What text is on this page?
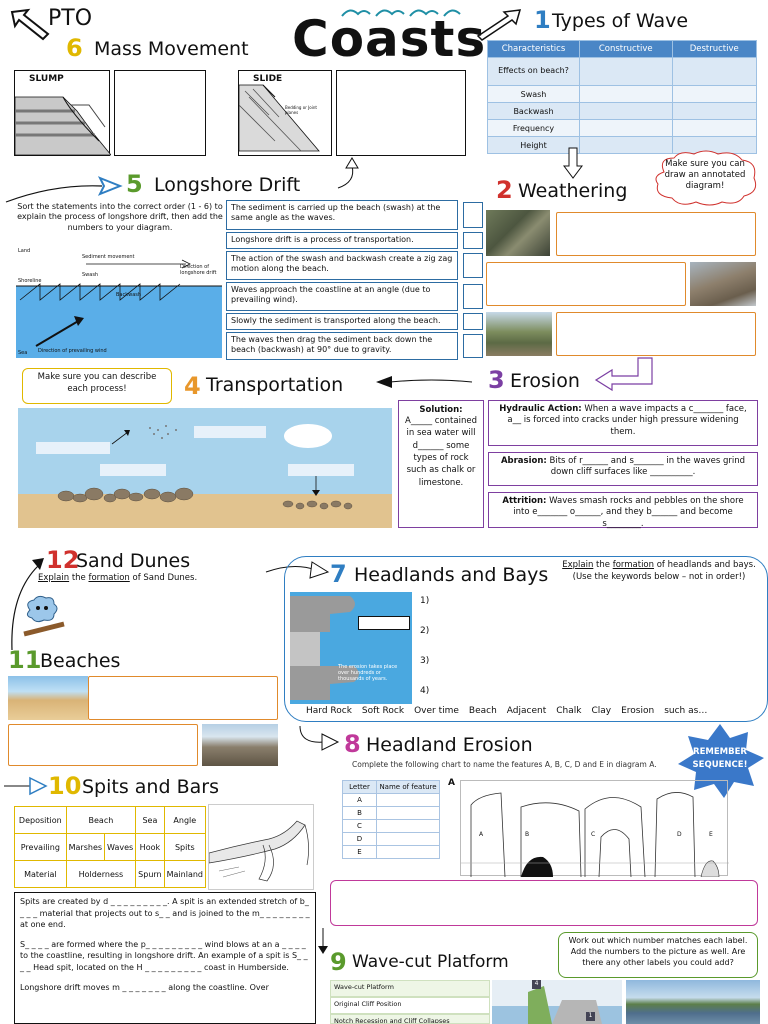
PTO
6 Mass Movement
SLUMP	SLIDE
Bedding or Joint planes
Coasts 1 Types of Wave
Characteristics	Constructive	Destructive
Effects on beach?		
Swash		
Backwash		
Frequency		
Height		
Make sure you can draw an annotated diagram!
5 Longshore Drift
Sort the statements into the correct order (1 - 6) to explain the process of longshore drift, then add the numbers to your diagram.
Land
Sediment movement
Direction of longshore drift
Shoreline
Swash
Backwash
Direction of prevailing wind
Sea
The sediment is carried up the beach (swash) at the same angle as the waves.
Longshore drift is a process of transportation.
The action of the swash and backwash create a zig zag motion along the beach.
Waves approach the coastline at an angle (due to prevailing wind).
Slowly the sediment is transported along the beach.
The waves then drag the sediment back down the beach (backwash) at 90° due to gravity.
2 Weathering
Make sure you can describe each process!	4 Transportation	3 Erosion
Solution:
A_____ contained in sea water will d______ some types of rock such as chalk or limestone.
Hydraulic Action: When a wave impacts a c_______ face, a__ is forced into cracks under high pressure widening them.
Abrasion: Bits of r______ and s_______ in the waves grind down cliff surfaces like __________.
Attrition: Waves smash rocks and pebbles on the shore into e_______ o______, and they b______ and become s________.
12
Sand Dunes
Explain the formation of Sand Dunes.
11
Beaches
7 Headlands and Bays	Explain the formation of headlands and bays. (Use the keywords below – not in order!)
The erosion takes place over hundreds or thousands of years.
1)
2)
3)
4)
Hard Rock Soft Rock Over time Beach Adjacent Chalk Clay Erosion such as…
8 Headland Erosion	REMEMBER SEQUENCE!
Complete the following chart to name the features A, B, C, D and E in diagram A.
Letter	Name of feature
A	
B	
C	
D	
E	
A
A	B	C	D	E
10 Spits and Bars
Deposition	Beach		Sea	Angle
Prevailing	Marshes	Waves	Hook	Spits
Material	Holderness		Spurn	Mainland
Spits are created by d _ _ _ _ _ _ _ _ _. A spit is an extended stretch of b_ _ _ _ material that projects out to s_ _ and is joined to the m_ _ _ _ _ _ _ _ at one end.
S_ _ _ _ are formed where the p_ _ _ _ _ _ _ _ _ wind blows at an a _ _ _ _ to the coastline, resulting in longshore drift. An example of a spit is S_ _ _ _ Head spit, located on the H _ _ _ _ _ _ _ _ _ coast in Humberside.
Longshore drift moves m _ _ _ _ _ _ _ along the coastline. Over
9 Wave-cut Platform
Work out which number matches each label. Add the numbers to the picture as well. Are there any other labels you could add?
Wave-cut Platform
Original Cliff Position
Notch Recession and Cliff Collapses
4
1
